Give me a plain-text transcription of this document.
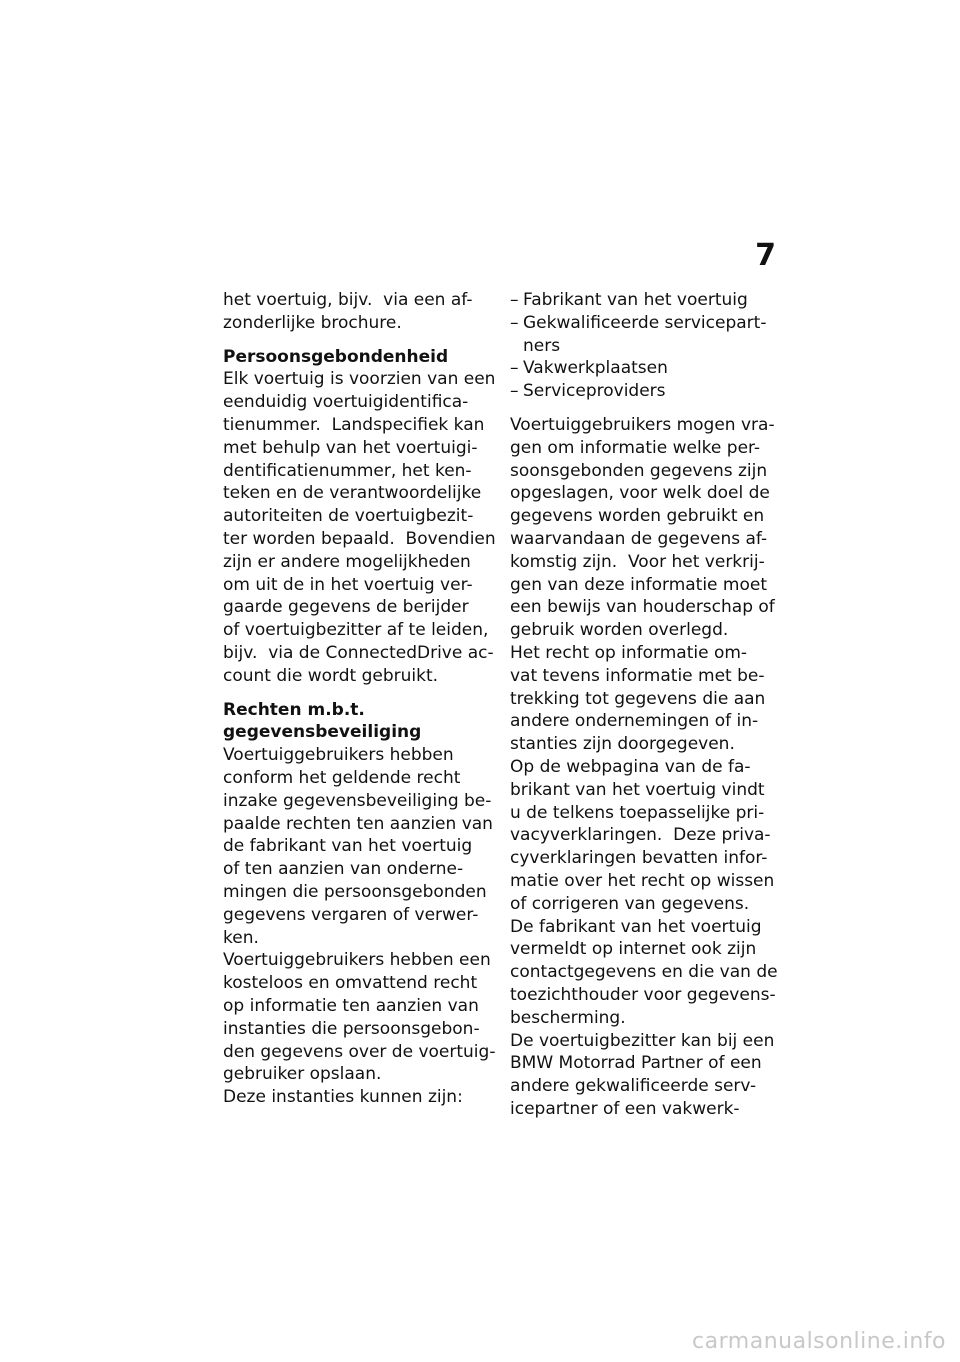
7
het voertuig, bijv.  via een af-
zonderlijke brochure.
Persoonsgebondenheid
Elk voertuig is voorzien van een
eenduidig voertuigidentifica-
tienummer.  Landspecifiek kan
met behulp van het voertuigi-
dentificatienummer, het ken-
teken en de verantwoordelijke
autoriteiten de voertuigbezit-
ter worden bepaald.  Bovendien
zijn er andere mogelijkheden
om uit de in het voertuig ver-
gaarde gegevens de berijder
of voertuigbezitter af te leiden,
bijv.  via de ConnectedDrive ac-
count die wordt gebruikt.
Rechten m.b.t.
gegevensbeveiliging
Voertuiggebruikers hebben
conform het geldende recht
inzake gegevensbeveiliging be-
paalde rechten ten aanzien van
de fabrikant van het voertuig
of ten aanzien van onderne-
mingen die persoonsgebonden
gegevens vergaren of verwer-
ken.
Voertuiggebruikers hebben een
kosteloos en omvattend recht
op informatie ten aanzien van
instanties die persoonsgebon-
den gegevens over de voertuig-
gebruiker opslaan.
Deze instanties kunnen zijn:
– Fabrikant van het voertuig
– Gekwalificeerde servicepart-
ners
– Vakwerkplaatsen
– Serviceproviders
Voertuiggebruikers mogen vra-
gen om informatie welke per-
soonsgebonden gegevens zijn
opgeslagen, voor welk doel de
gegevens worden gebruikt en
waarvandaan de gegevens af-
komstig zijn.  Voor het verkrij-
gen van deze informatie moet
een bewijs van houderschap of
gebruik worden overlegd.
Het recht op informatie om-
vat tevens informatie met be-
trekking tot gegevens die aan
andere ondernemingen of in-
stanties zijn doorgegeven.
Op de webpagina van de fa-
brikant van het voertuig vindt
u de telkens toepasselijke pri-
vacyverklaringen.  Deze priva-
cyverklaringen bevatten infor-
matie over het recht op wissen
of corrigeren van gegevens.
De fabrikant van het voertuig
vermeldt op internet ook zijn
contactgegevens en die van de
toezichthouder voor gegevens-
bescherming.
De voertuigbezitter kan bij een
BMW Motorrad Partner of een
andere gekwalificeerde serv-
icepartner of een vakwerk-
carmanualsonline.info
